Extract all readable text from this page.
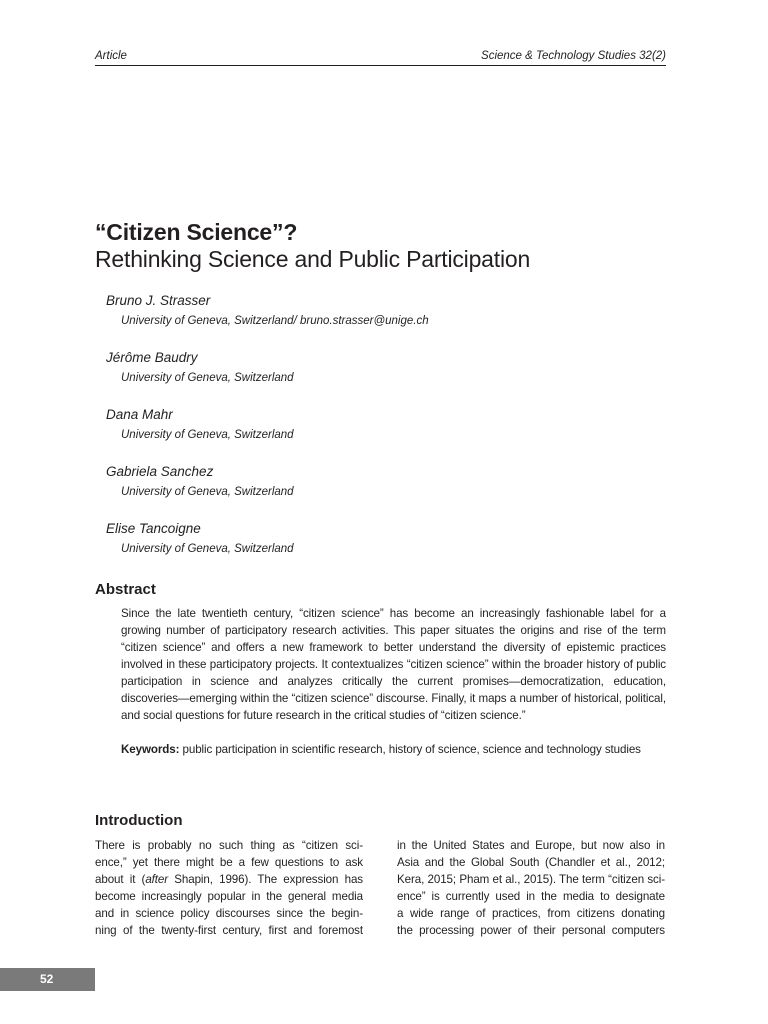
Article	Science & Technology Studies 32(2)
“Citizen Science”?
Rethinking Science and Public Participation
Bruno J. Strasser
University of Geneva, Switzerland/ bruno.strasser@unige.ch
Jérôme Baudry
University of Geneva, Switzerland
Dana Mahr
University of Geneva, Switzerland
Gabriela Sanchez
University of Geneva, Switzerland
Elise Tancoigne
University of Geneva, Switzerland
Abstract
Since the late twentieth century, “citizen science” has become an increasingly fashionable label for a growing number of participatory research activities. This paper situates the origins and rise of the term “citizen science” and offers a new framework to better understand the diversity of epistemic practices involved in these participatory projects. It contextualizes “citizen science” within the broader history of public participation in science and analyzes critically the current promises—democratization, education, discoveries—emerging within the “citizen science” discourse. Finally, it maps a number of historical, political, and social questions for future research in the critical studies of “citizen science.”
Keywords: public participation in scientific research, history of science, science and technology studies
Introduction
There is probably no such thing as “citizen sci-
ence,” yet there might be a few questions to ask
about it (after Shapin, 1996). The expression has
become increasingly popular in the general media
and in science policy discourses since the begin-
ning of the twenty-first century, first and foremost
in the United States and Europe, but now also in
Asia and the Global South (Chandler et al., 2012;
Kera, 2015; Pham et al., 2015). The term “citizen sci-
ence” is currently used in the media to designate
a wide range of practices, from citizens donating
the processing power of their personal computers
52
